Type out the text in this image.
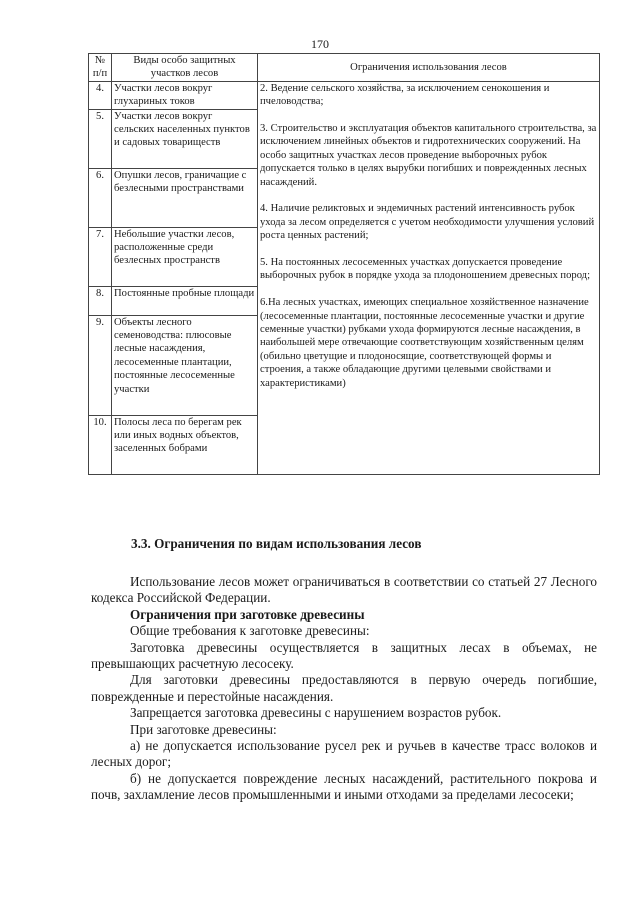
170
№ п/п	Виды особо защитных участков лесов	Ограничения использования лесов
4.	Участки лесов вокруг глухариных токов	2. Ведение сельского хозяйства, за исключением сенокошения и пчеловодства;

3. Строительство и эксплуатация объектов капитального строительства, за исключением линейных объектов и гидротехнических сооружений. На особо защитных участках лесов проведение выборочных рубок допускается только в целях вырубки погибших и поврежденных лесных насаждений.

4. Наличие реликтовых и эндемичных растений интенсивность рубок ухода за лесом определяется с учетом необходимости улучшения условий роста ценных растений;

5. На постоянных лесосеменных участках допускается проведение выборочных рубок в порядке ухода за плодоношением древесных пород;

6.На лесных участках, имеющих специальное хозяйственное назначение (лесосеменные плантации, постоянные лесосеменные участки и другие семенные участки) рубками ухода формируются лесные насаждения, в наибольшей мере отвечающие соответствующим хозяйственным целям (обильно цветущие и плодоносящие, соответствующей формы и строения, а также обладающие другими целевыми свойствами и характеристиками)

5.	Участки лесов вокруг сельских населенных пунктов и садовых товариществ	
6.	Опушки лесов, граничащие с безлесными пространствами	
7.	Небольшие участки лесов, расположенные среди безлесных пространств	
8.	Постоянные пробные площади	
9.	Объекты лесного семеноводства: плюсовые лесные насаждения, лесосеменные плантации, постоянные лесосеменные участки	
10.	Полосы леса по берегам рек или иных водных объектов, заселенных бобрами	
3.3. Ограничения по видам использования лесов

Использование лесов может ограничиваться в соответствии со статьей 27 Лесного кодекса Российской Федерации.

Ограничения при заготовке древесины

Общие требования к заготовке древесины:

Заготовка древесины осуществляется в защитных лесах в объемах, не превышающих расчетную лесосеку.

Для заготовки древесины предоставляются в первую очередь погибшие, поврежденные и перестойные насаждения.

Запрещается заготовка древесины с нарушением возрастов рубок.

При заготовке древесины:

а) не допускается использование русел рек и ручьев в качестве трасс волоков и лесных дорог;

б) не допускается повреждение лесных насаждений, растительного покрова и почв, захламление лесов промышленными и иными отходами за пределами лесосеки;
